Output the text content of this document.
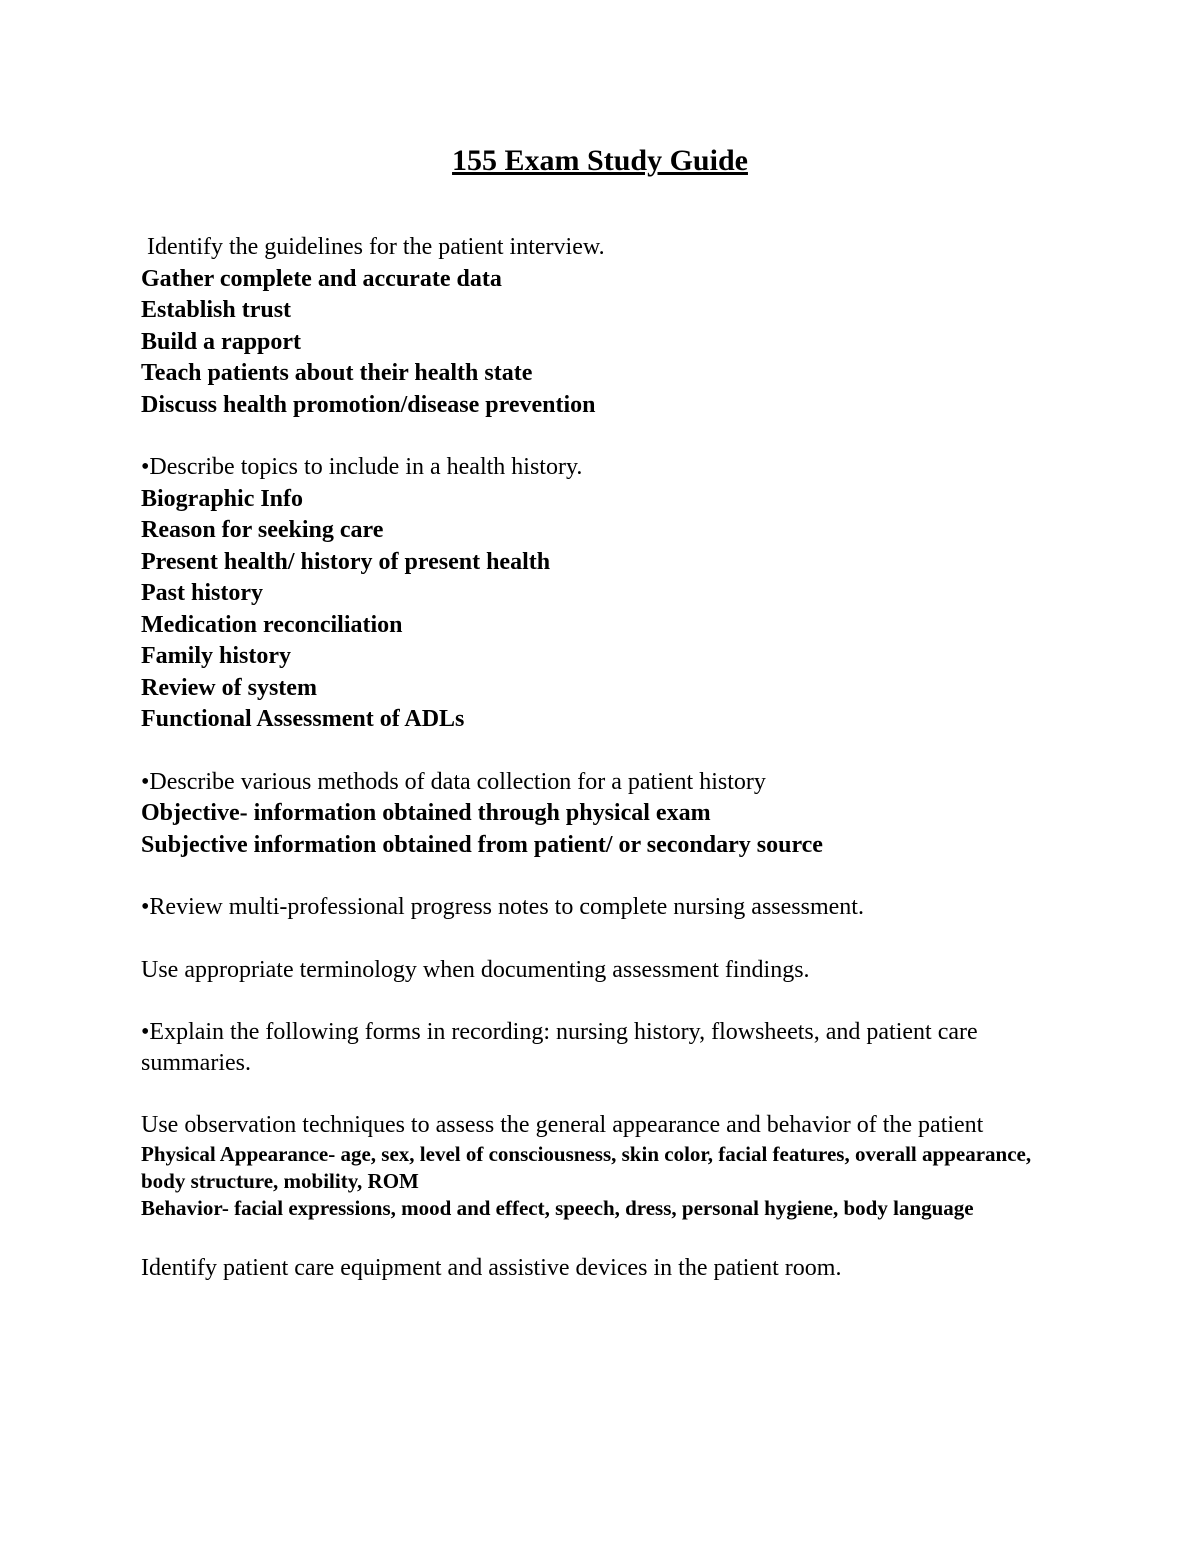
155 Exam Study Guide
Identify the guidelines for the patient interview.
Gather complete and accurate data
Establish trust
Build a rapport
Teach patients about their health state
Discuss health promotion/disease prevention
•Describe topics to include in a health history.
Biographic Info
Reason for seeking care
Present health/ history of present health
Past history
Medication reconciliation
Family history
Review of system
Functional Assessment of ADLs
•Describe various methods of data collection for a patient history
Objective- information obtained through physical exam
Subjective information obtained from patient/ or secondary source
•Review multi-professional progress notes to complete nursing assessment.
Use appropriate terminology when documenting assessment findings.
•Explain the following forms in recording: nursing history, flowsheets, and patient care summaries.
Use observation techniques to assess the general appearance and behavior of the patient
Physical Appearance- age, sex, level of consciousness, skin color, facial features, overall appearance, body structure, mobility, ROM
Behavior- facial expressions, mood and effect, speech, dress, personal hygiene, body language
Identify patient care equipment and assistive devices in the patient room.
